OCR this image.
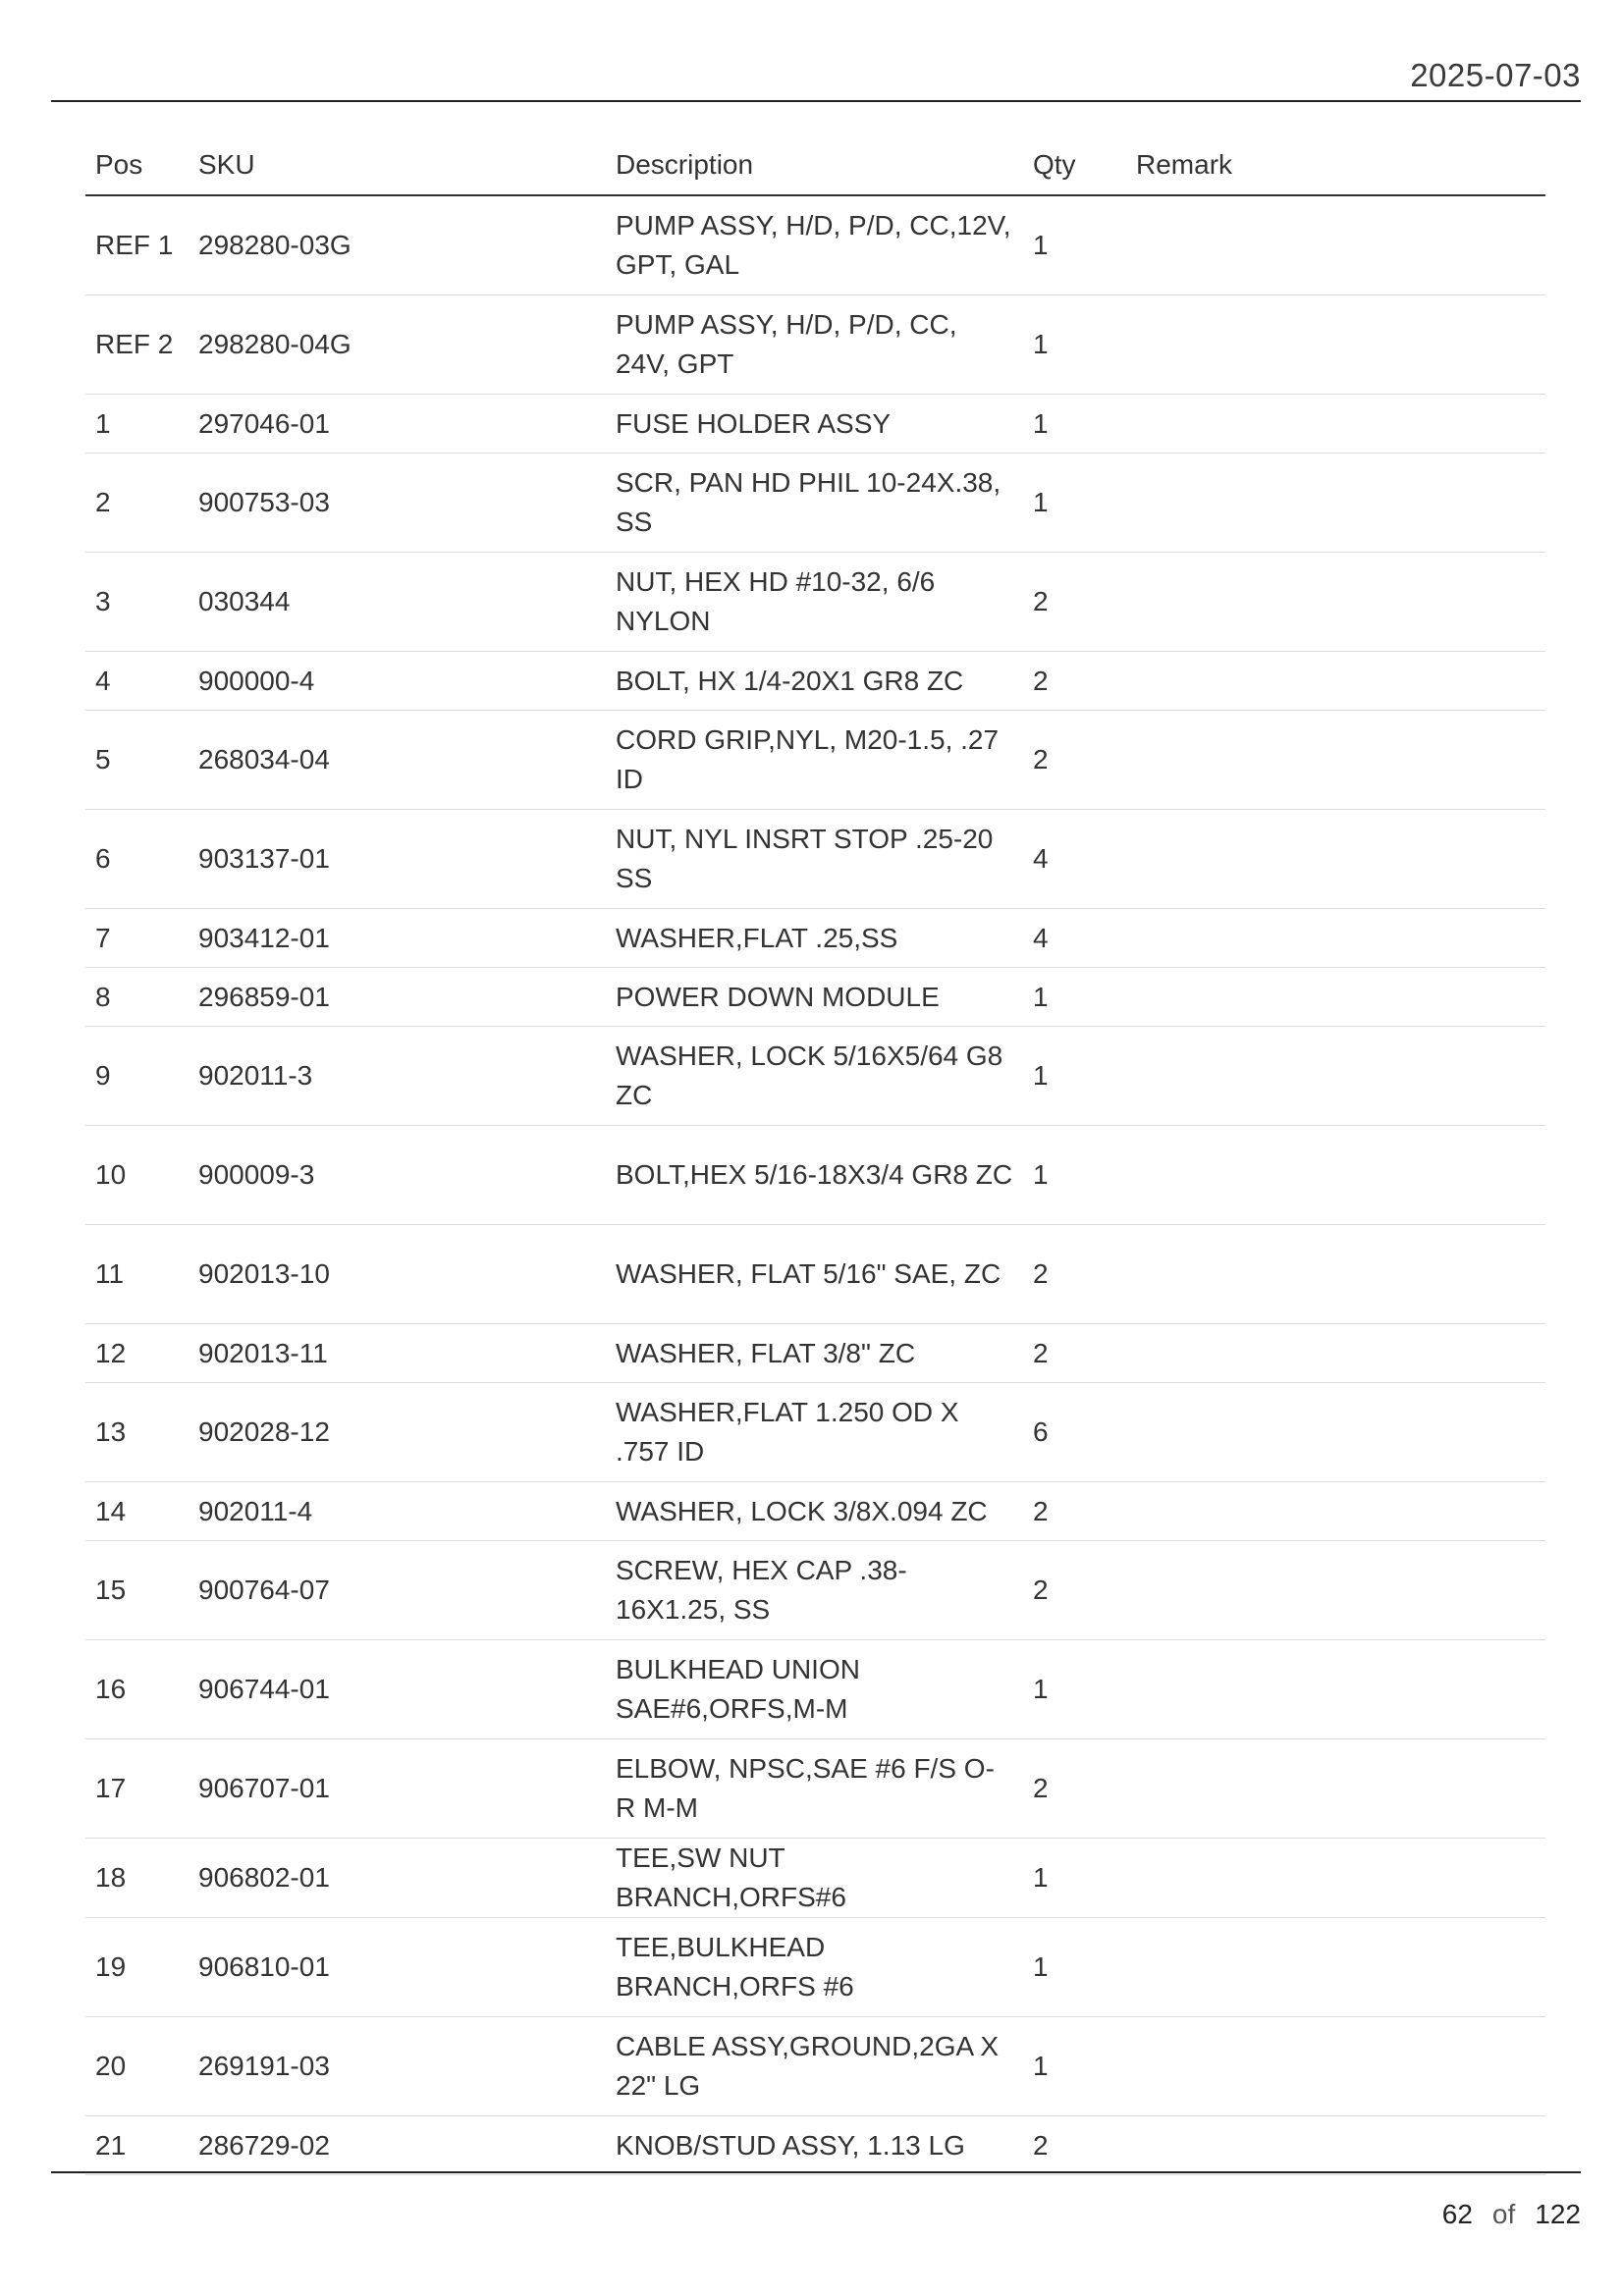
2025-07-03
Pos	SKU	Description	Qty	Remark
REF 1	298280-03G	PUMP ASSY, H/D, P/D, CC,12V, GPT, GAL	1	
REF 2	298280-04G	PUMP ASSY, H/D, P/D, CC, 24V, GPT	1	
1	297046-01	FUSE HOLDER ASSY	1	
2	900753-03	SCR, PAN HD PHIL 10-24X.38, SS	1	
3	030344	NUT, HEX HD #10-32, 6/6 NYLON	2	
4	900000-4	BOLT, HX 1/4-20X1 GR8 ZC	2	
5	268034-04	CORD GRIP,NYL, M20-1.5, .27 ID	2	
6	903137-01	NUT, NYL INSRT STOP .25-20 SS	4	
7	903412-01	WASHER,FLAT .25,SS	4	
8	296859-01	POWER DOWN MODULE	1	
9	902011-3	WASHER, LOCK 5/16X5/64 G8 ZC	1	
10	900009-3	BOLT,HEX 5/16-18X3/4 GR8 ZC	1	
11	902013-10	WASHER, FLAT 5/16" SAE, ZC	2	
12	902013-11	WASHER, FLAT 3/8" ZC	2	
13	902028-12	WASHER,FLAT 1.250 OD X .757 ID	6	
14	902011-4	WASHER, LOCK 3/8X.094 ZC	2	
15	900764-07	SCREW, HEX CAP .38-16X1.25, SS	2	
16	906744-01	BULKHEAD UNION SAE#6,ORFS,M-M	1	
17	906707-01	ELBOW, NPSC,SAE #6 F/S O-R M-M	2	
18	906802-01	TEE,SW NUT BRANCH,ORFS#6	1	
19	906810-01	TEE,BULKHEAD BRANCH,ORFS #6	1	
20	269191-03	CABLE ASSY,GROUND,2GA X 22" LG	1	
21	286729-02	KNOB/STUD ASSY, 1.13 LG	2	
62 of 122
